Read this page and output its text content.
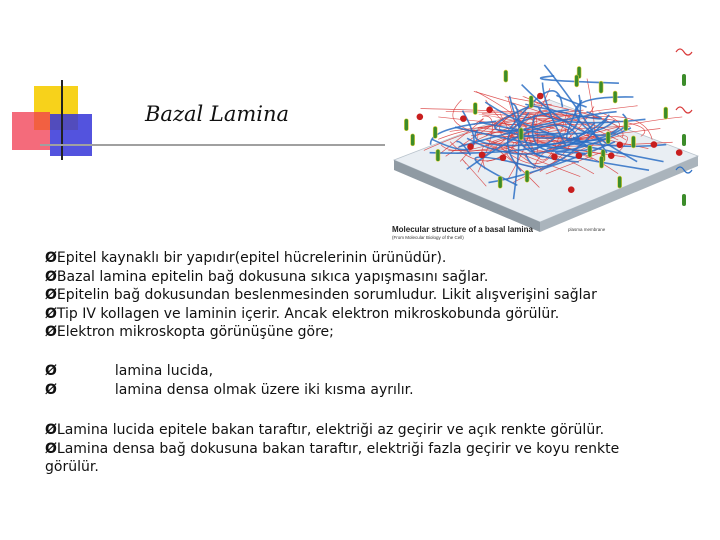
Bazal Lamina
Molecular structure of a basal lamina
(From Molecular Biology of the Cell)
plasma membrane
ØEpitel kaynaklı bir yapıdır(epitel hücrelerinin ürünüdür).
ØBazal lamina epitelin bağ dokusuna sıkıca yapışmasını sağlar.
ØEpitelin bağ dokusundan beslenmesinden sorumludur. Likit alışverişini sağlar
ØTip IV kollagen ve laminin içerir. Ancak elektron mikroskobunda görülür.
ØElektron mikroskopta görünüşüne göre;
Ø	lamina lucida,
Ø	lamina densa olmak üzere iki kısma ayrılır.
ØLamina lucida epitele bakan taraftır, elektriği az geçirir ve açık renkte görülür.
ØLamina densa bağ dokusuna bakan taraftır, elektriği fazla geçirir ve koyu renkte görülür.
